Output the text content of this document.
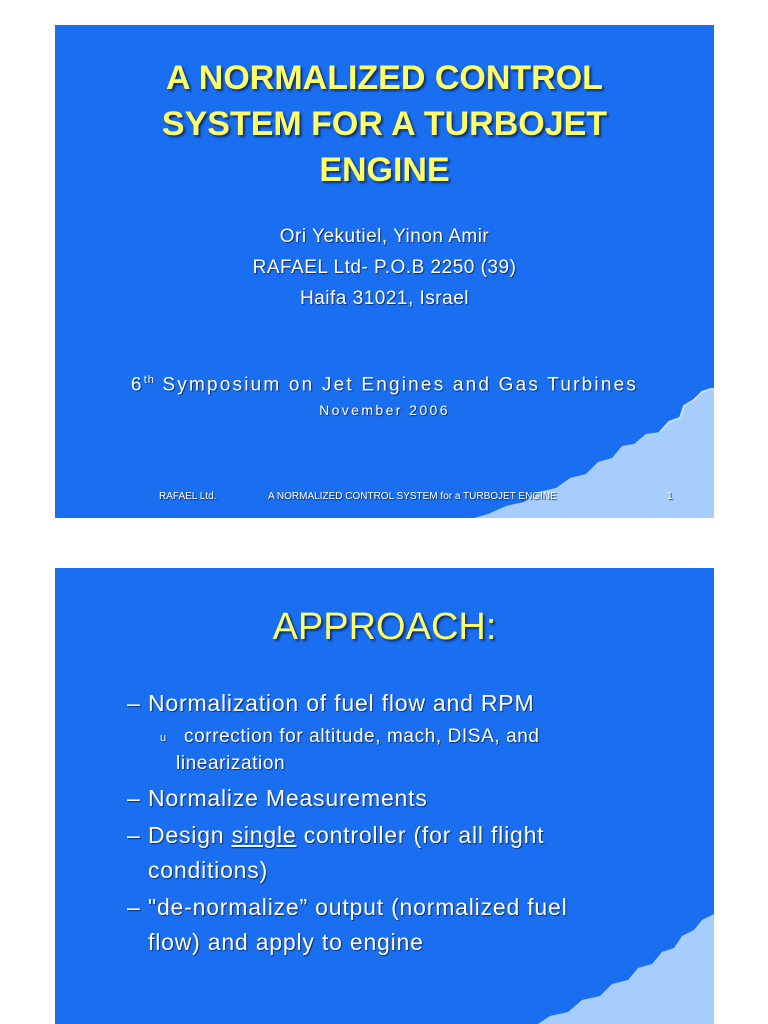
A NORMALIZED CONTROL
SYSTEM FOR A TURBOJET
ENGINE
Ori Yekutiel, Yinon Amir
RAFAEL Ltd- P.O.B 2250 (39)
Haifa 31021, Israel
6th Symposium on Jet Engines and Gas Turbines
November 2006
RAFAEL Ltd.	A NORMALIZED CONTROL SYSTEM for a TURBOJET ENGINE	1
APPROACH:
– Normalization of fuel flow and RPM
u correction for altitude, mach, DISA, and
linearization
– Normalize Measurements
– Design single controller (for all flight
conditions)
– "de-normalize” output (normalized fuel
flow) and apply to engine
